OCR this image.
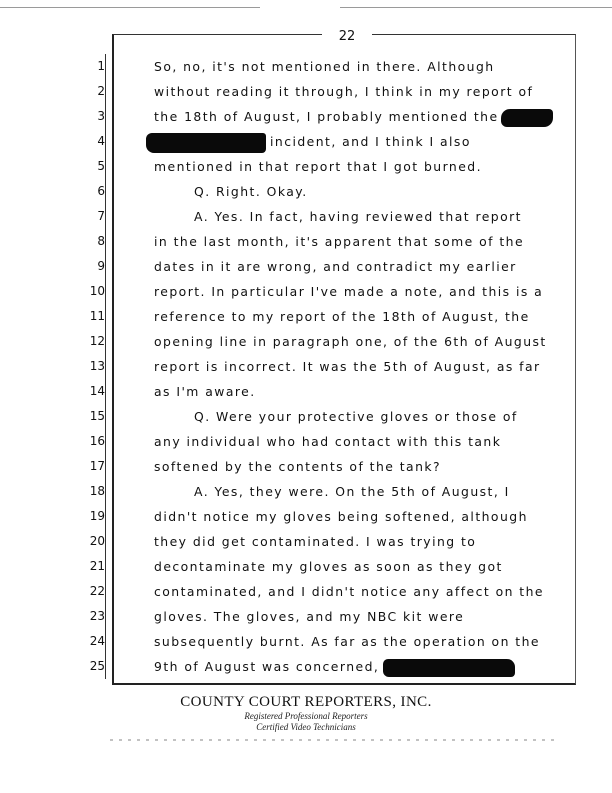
22
1
2
3
4
5
6
7
8
9
10
11
12
13
14
15
16
17
18
19
20
21
22
23
24
25
So, no, it's not mentioned in there. Although
without reading it through, I think in my report of
the 18th of August, I probably mentioned the
incident, and I think I also
mentioned in that report that I got burned.
Q. Right. Okay.
A. Yes. In fact, having reviewed that report
in the last month, it's apparent that some of the
dates in it are wrong, and contradict my earlier
report. In particular I've made a note, and this is a
reference to my report of the 18th of August, the
opening line in paragraph one, of the 6th of August
report is incorrect. It was the 5th of August, as far
as I'm aware.
Q. Were your protective gloves or those of
any individual who had contact with this tank
softened by the contents of the tank?
A. Yes, they were. On the 5th of August, I
didn't notice my gloves being softened, although
they did get contaminated. I was trying to
decontaminate my gloves as soon as they got
contaminated, and I didn't notice any affect on the
gloves. The gloves, and my NBC kit were
subsequently burnt. As far as the operation on the
9th of August was concerned,
COUNTY COURT REPORTERS, INC.
Registered Professional Reporters
Certified Video Technicians
